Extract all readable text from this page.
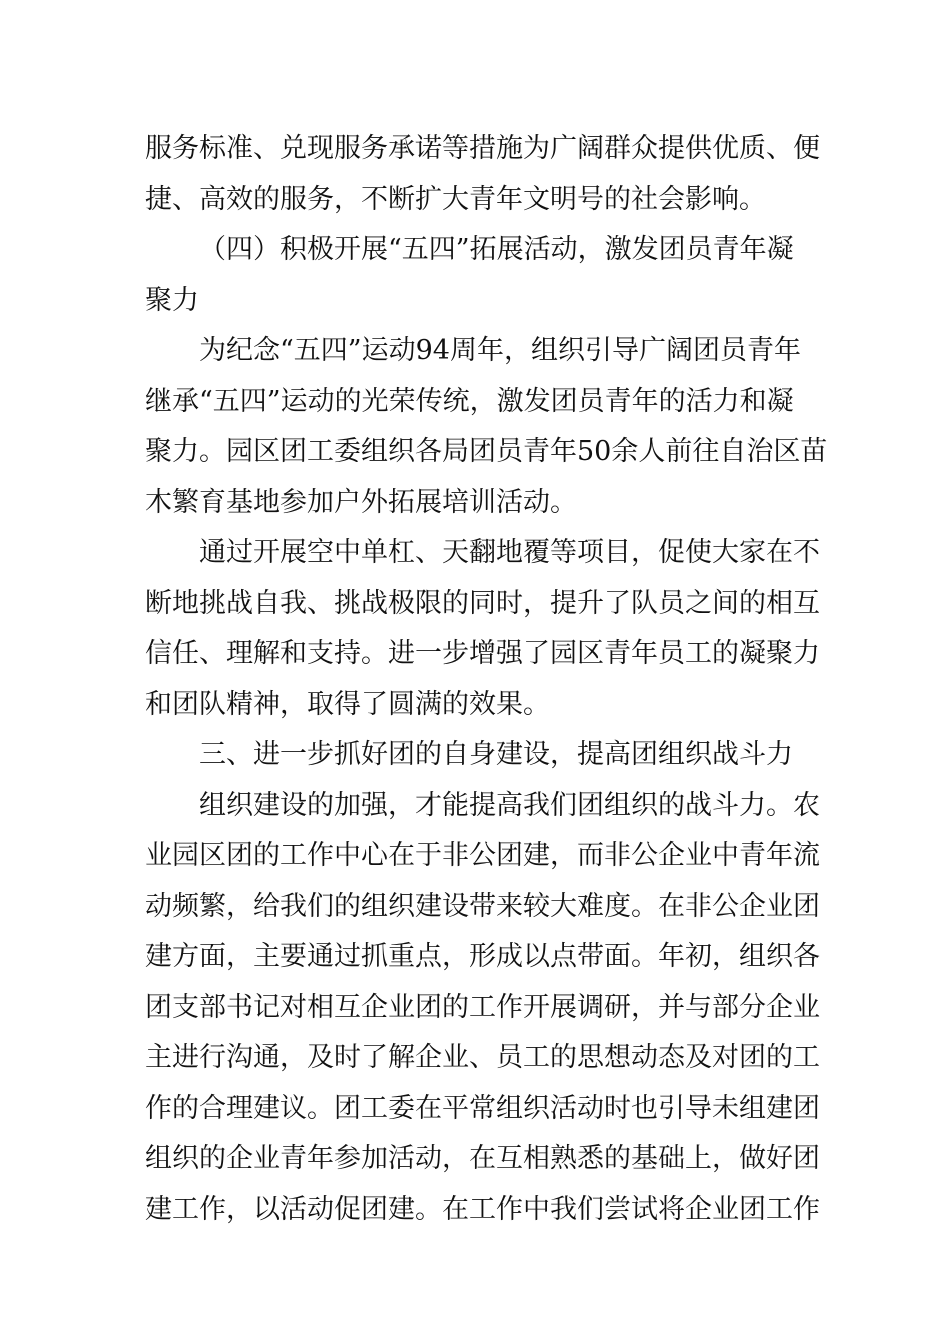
服务标准、兑现服务承诺等措施为广阔群众提供优质、便
捷、高效的服务，不断扩大青年文明号的社会影响。
（四）积极开展“五四”拓展活动，激发团员青年凝
聚力
为纪念“五四”运动94周年，组织引导广阔团员青年
继承“五四”运动的光荣传统，激发团员青年的活力和凝
聚力。园区团工委组织各局团员青年50余人前往自治区苗
木繁育基地参加户外拓展培训活动。
通过开展空中单杠、天翻地覆等项目，促使大家在不
断地挑战自我、挑战极限的同时，提升了队员之间的相互
信任、理解和支持。进一步增强了园区青年员工的凝聚力
和团队精神，取得了圆满的效果。
三、进一步抓好团的自身建设，提高团组织战斗力
组织建设的加强，才能提高我们团组织的战斗力。农
业园区团的工作中心在于非公团建，而非公企业中青年流
动频繁，给我们的组织建设带来较大难度。在非公企业团
建方面，主要通过抓重点，形成以点带面。年初，组织各
团支部书记对相互企业团的工作开展调研，并与部分企业
主进行沟通，及时了解企业、员工的思想动态及对团的工
作的合理建议。团工委在平常组织活动时也引导未组建团
组织的企业青年参加活动，在互相熟悉的基础上，做好团
建工作，以活动促团建。在工作中我们尝试将企业团工作
